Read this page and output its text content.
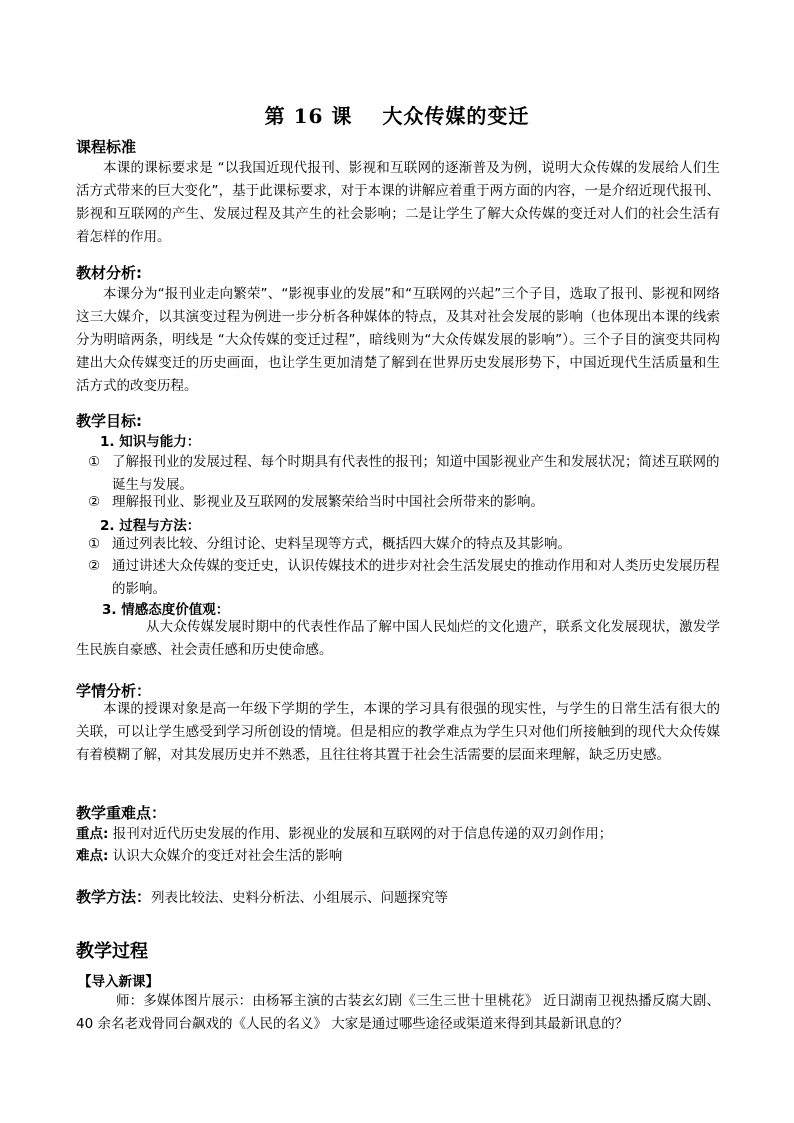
第 16 课 大众传媒的变迁
课程标准
本课的课标要求是 “以我国近现代报刊、影视和互联网的逐渐普及为例，说明大众传媒的发展给人们生活方式带来的巨大变化”，基于此课标要求，对于本课的讲解应着重于两方面的内容，一是介绍近现代报刊、影视和互联网的产生、发展过程及其产生的社会影响；二是让学生了解大众传媒的变迁对人们的社会生活有着怎样的作用。
教材分析:
本课分为“报刊业走向繁荣”、“影视事业的发展”和“互联网的兴起”三个子目，选取了报刊、影视和网络这三大媒介，以其演变过程为例进一步分析各种媒体的特点，及其对社会发展的影响（也体现出本课的线索分为明暗两条，明线是 “大众传媒的变迁过程”，暗线则为“大众传媒发展的影响”）。三个子目的演变共同构建出大众传媒变迁的历史画面，也让学生更加清楚了解到在世界历史发展形势下，中国近现代生活质量和生活方式的改变历程。
教学目标:
1. 知识与能力：
① 了解报刊业的发展过程、每个时期具有代表性的报刊；知道中国影视业产生和发展状况；简述互联网的诞生与发展。
② 理解报刊业、影视业及互联网的发展繁荣给当时中国社会所带来的影响。
2. 过程与方法：
① 通过列表比较、分组讨论、史料呈现等方式，概括四大媒介的特点及其影响。
② 通过讲述大众传媒的变迁史，认识传媒技术的进步对社会生活发展史的推动作用和对人类历史发展历程的影响。
3. 情感态度价值观：
从大众传媒发展时期中的代表性作品了解中国人民灿烂的文化遗产，联系文化发展现状，激发学生民族自豪感、社会责任感和历史使命感。
学情分析：
本课的授课对象是高一年级下学期的学生，本课的学习具有很强的现实性，与学生的日常生活有很大的关联，可以让学生感受到学习所创设的情境。但是相应的教学难点为学生只对他们所接触到的现代大众传媒有着模糊了解，对其发展历史并不熟悉，且往往将其置于社会生活需要的层面来理解，缺乏历史感。
教学重难点：
重点: 报刊对近代历史发展的作用、影视业的发展和互联网的对于信息传递的双刃剑作用；
难点: 认识大众媒介的变迁对社会生活的影响
教学方法：列表比较法、史料分析法、小组展示、问题探究等
教学过程
【导入新课】
师：多媒体图片展示：由杨幂主演的古装玄幻剧《三生三世十里桃花》 近日湖南卫视热播反腐大剧、40 余名老戏骨同台飙戏的《人民的名义》 大家是通过哪些途径或渠道来得到其最新讯息的？
